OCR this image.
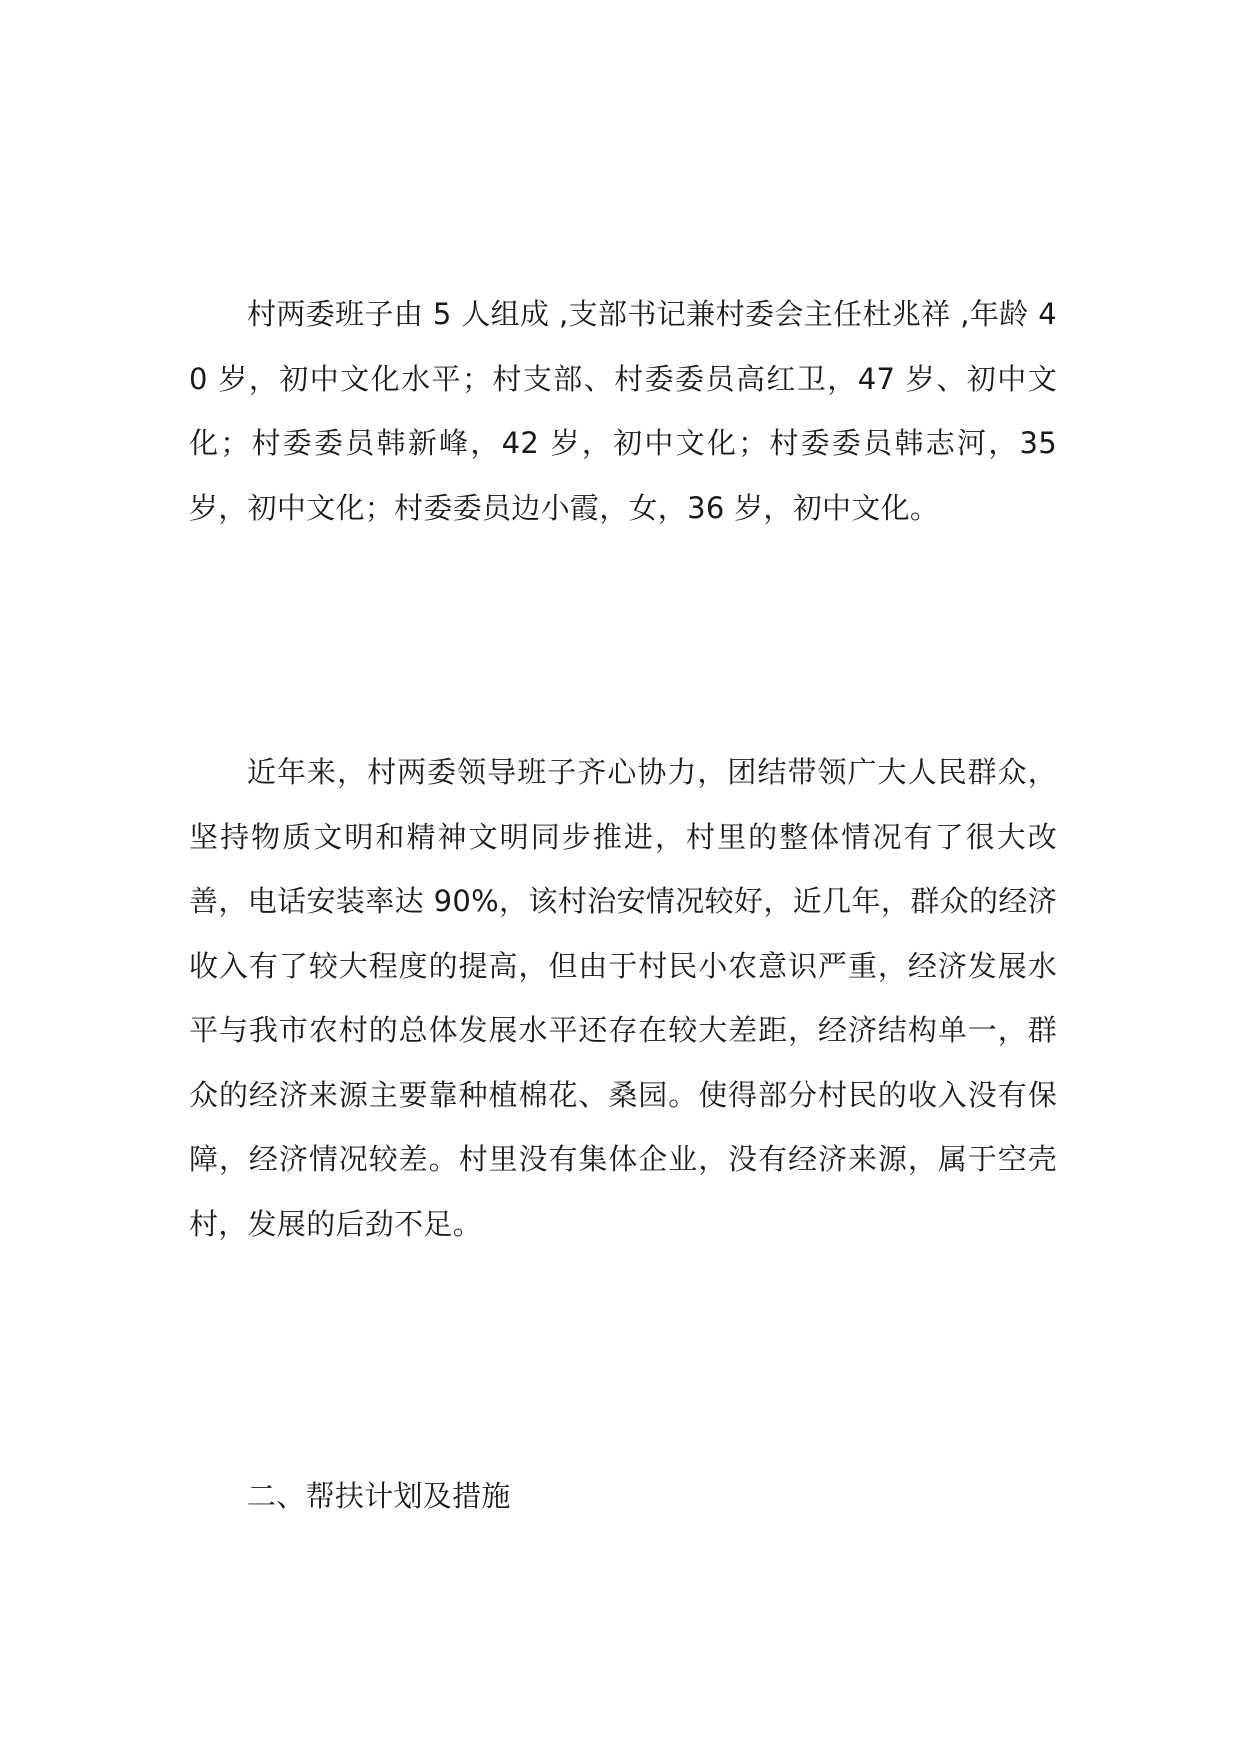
村两委班子由 5 人组成 ,支部书记兼村委会主任杜兆祥 ,年龄 40 岁，初中文化水平；村支部、村委委员高红卫，47 岁、初中文化；村委委员韩新峰，42 岁，初中文化；村委委员韩志河，35 岁，初中文化；村委委员边小霞，女，36 岁，初中文化。

近年来，村两委领导班子齐心协力，团结带领广大人民群众，坚持物质文明和精神文明同步推进，村里的整体情况有了很大改善，电话安装率达 90%，该村治安情况较好，近几年，群众的经济收入有了较大程度的提高，但由于村民小农意识严重，经济发展水平与我市农村的总体发展水平还存在较大差距，经济结构单一，群众的经济来源主要靠种植棉花、桑园。使得部分村民的收入没有保障，经济情况较差。村里没有集体企业，没有经济来源，属于空壳村，发展的后劲不足。

二、帮扶计划及措施
